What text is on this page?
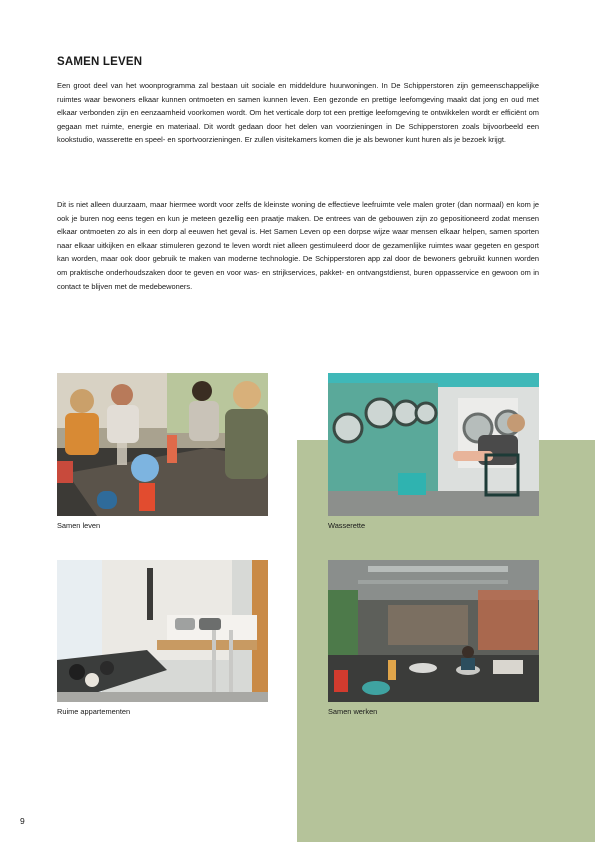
SAMEN LEVEN

Een groot deel van het woonprogramma zal bestaan uit sociale en middeldure huurwoningen. In De Schipperstoren zijn gemeenschappelijke ruimtes waar bewoners elkaar kunnen ontmoeten en samen kunnen leven. Een gezonde en prettige leefomgeving maakt dat jong en oud met elkaar verbonden zijn en eenzaamheid voorkomen wordt. Om het verticale dorp tot een prettige leefomgeving te ontwikkelen wordt er efficiënt om gegaan met ruimte, energie en materiaal. Dit wordt gedaan door het delen van voorzieningen in De Schipperstoren zoals bijvoorbeeld een kookstudio, wasserette en speel- en sportvoorzieningen. Er zullen visitekamers komen die je als bewoner kunt huren als je bezoek krijgt.

Dit is niet alleen duurzaam, maar hiermee wordt voor zelfs de kleinste woning de effectieve leefruimte vele malen groter (dan normaal) en kom je ook je buren nog eens tegen en kun je meteen gezellig een praatje maken. De entrees van de gebouwen zijn zo gepositioneerd zodat mensen elkaar ontmoeten zo als in een dorp al eeuwen het geval is. Het Samen Leven op een dorpse wijze waar mensen elkaar helpen, samen sporten naar elkaar uitkijken en elkaar stimuleren gezond te leven wordt niet alleen gestimuleerd door de gezamenlijke ruimtes waar gegeten en gesport kan worden, maar ook door gebruik te maken van moderne technologie. De Schipperstoren app zal door de bewoners gebruikt kunnen worden om praktische onderhoudszaken door te geven en voor was- en strijkservices, pakket- en ontvangstdienst, buren oppasservice en gewoon om in contact te blijven met de medebewoners.

Samen leven	Wasserette
Ruime appartementen	Samen werken
9
